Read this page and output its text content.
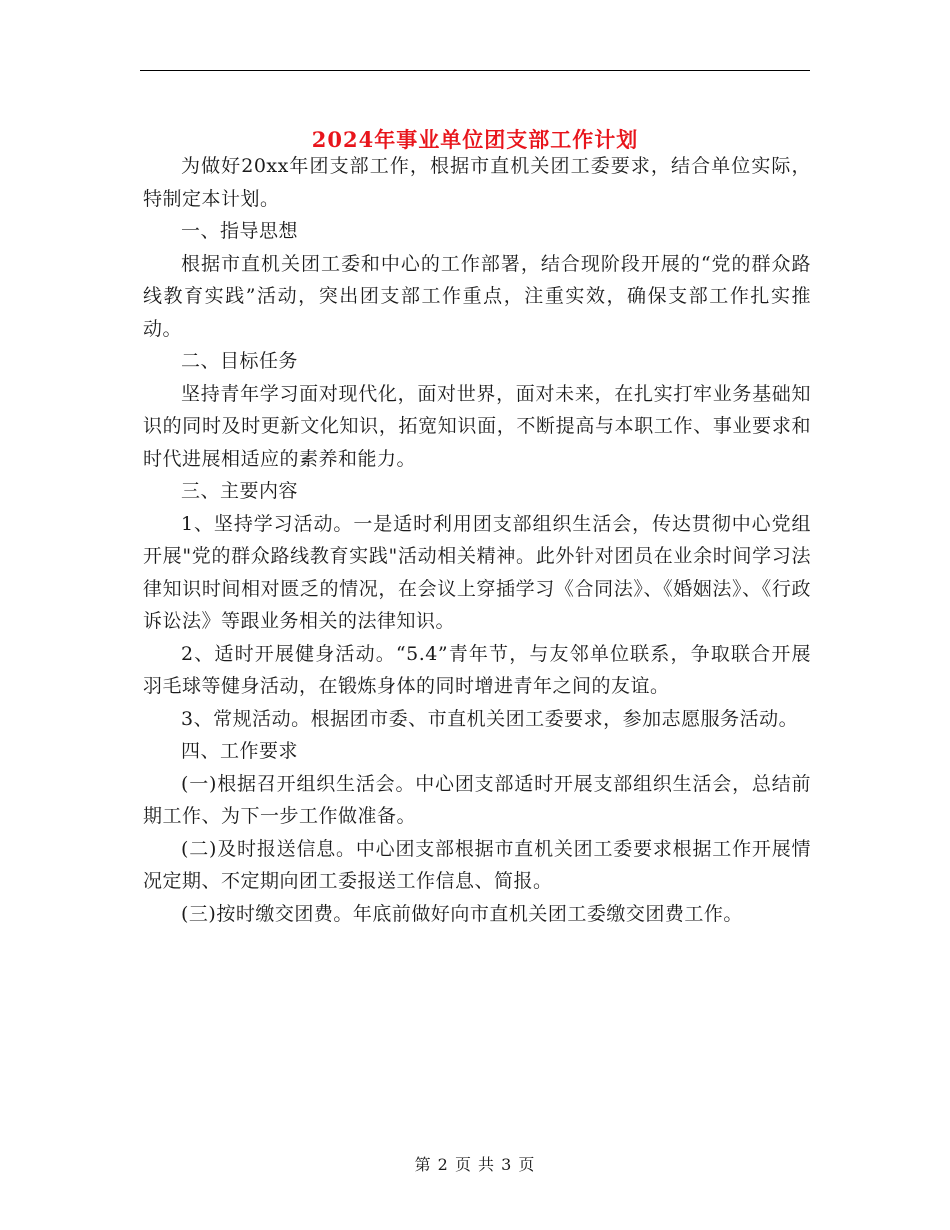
2024年事业单位团支部工作计划

为做好20xx年团支部工作，根据市直机关团工委要求，结合单位实际，特制定本计划。

一、指导思想

根据市直机关团工委和中心的工作部署，结合现阶段开展的“党的群众路线教育实践”活动，突出团支部工作重点，注重实效，确保支部工作扎实推动。

二、目标任务

坚持青年学习面对现代化，面对世界，面对未来，在扎实打牢业务基础知识的同时及时更新文化知识，拓宽知识面，不断提高与本职工作、事业要求和时代进展相适应的素养和能力。

三、主要内容

1、坚持学习活动。一是适时利用团支部组织生活会，传达贯彻中心党组开展"党的群众路线教育实践"活动相关精神。此外针对团员在业余时间学习法律知识时间相对匮乏的情况，在会议上穿插学习《合同法》、《婚姻法》、《行政诉讼法》等跟业务相关的法律知识。

2、适时开展健身活动。“5.4”青年节，与友邻单位联系，争取联合开展羽毛球等健身活动，在锻炼身体的同时增进青年之间的友谊。

3、常规活动。根据团市委、市直机关团工委要求，参加志愿服务活动。

四、工作要求

(一)根据召开组织生活会。中心团支部适时开展支部组织生活会，总结前期工作、为下一步工作做准备。

(二)及时报送信息。中心团支部根据市直机关团工委要求根据工作开展情况定期、不定期向团工委报送工作信息、简报。

(三)按时缴交团费。年底前做好向市直机关团工委缴交团费工作。

第 2 页 共 3 页
